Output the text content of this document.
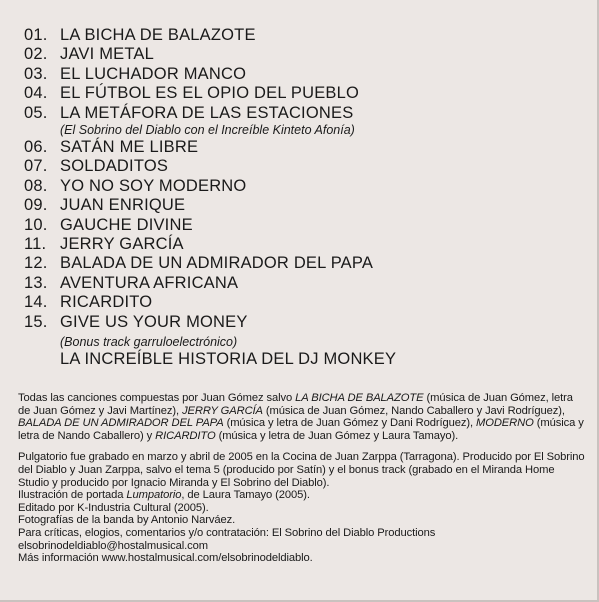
01. LA BICHA DE BALAZOTE
02. JAVI METAL
03. EL LUCHADOR MANCO
04. EL FÚTBOL ES EL OPIO DEL PUEBLO
05. LA METÁFORA DE LAS ESTACIONES
(El Sobrino del Diablo con el Increíble Kinteto Afonía)
06. SATÁN ME LIBRE
07. SOLDADITOS
08. YO NO SOY MODERNO
09. JUAN ENRIQUE
10. GAUCHE DIVINE
11. JERRY GARCÍA
12. BALADA DE UN ADMIRADOR DEL PAPA
13. AVENTURA AFRICANA
14. RICARDITO
15. GIVE US YOUR MONEY
(Bonus track garruloelectrónico)
LA INCREÍBLE HISTORIA DEL DJ MONKEY

Todas las canciones compuestas por Juan Gómez salvo LA BICHA DE BALAZOTE (música de Juan Gómez, letra de Juan Gómez y Javi Martínez), JERRY GARCÍA (música de Juan Gómez, Nando Caballero y Javi Rodríguez), BALADA DE UN ADMIRADOR DEL PAPA (música y letra de Juan Gómez y Dani Rodríguez), MODERNO (música y letra de Nando Caballero) y RICARDITO (música y letra de Juan Gómez y Laura Tamayo).

Pulgatorio fue grabado en marzo y abril de 2005 en la Cocina de Juan Zarppa (Tarragona). Producido por El Sobrino del Diablo y Juan Zarppa, salvo el tema 5 (producido por Satín) y el bonus track (grabado en el Miranda Home Studio y producido por Ignacio Miranda y El Sobrino del Diablo).

Ilustración de portada Lumpatorio, de Laura Tamayo (2005).

Editado por K-Industria Cultural (2005).

Fotografías de la banda by Antonio Narváez.

Para críticas, elogios, comentarios y/o contratación: El Sobrino del Diablo Productions

elsobrinodeldiablo@hostalmusical.com

Más información www.hostalmusical.com/elsobrinodeldiablo.
